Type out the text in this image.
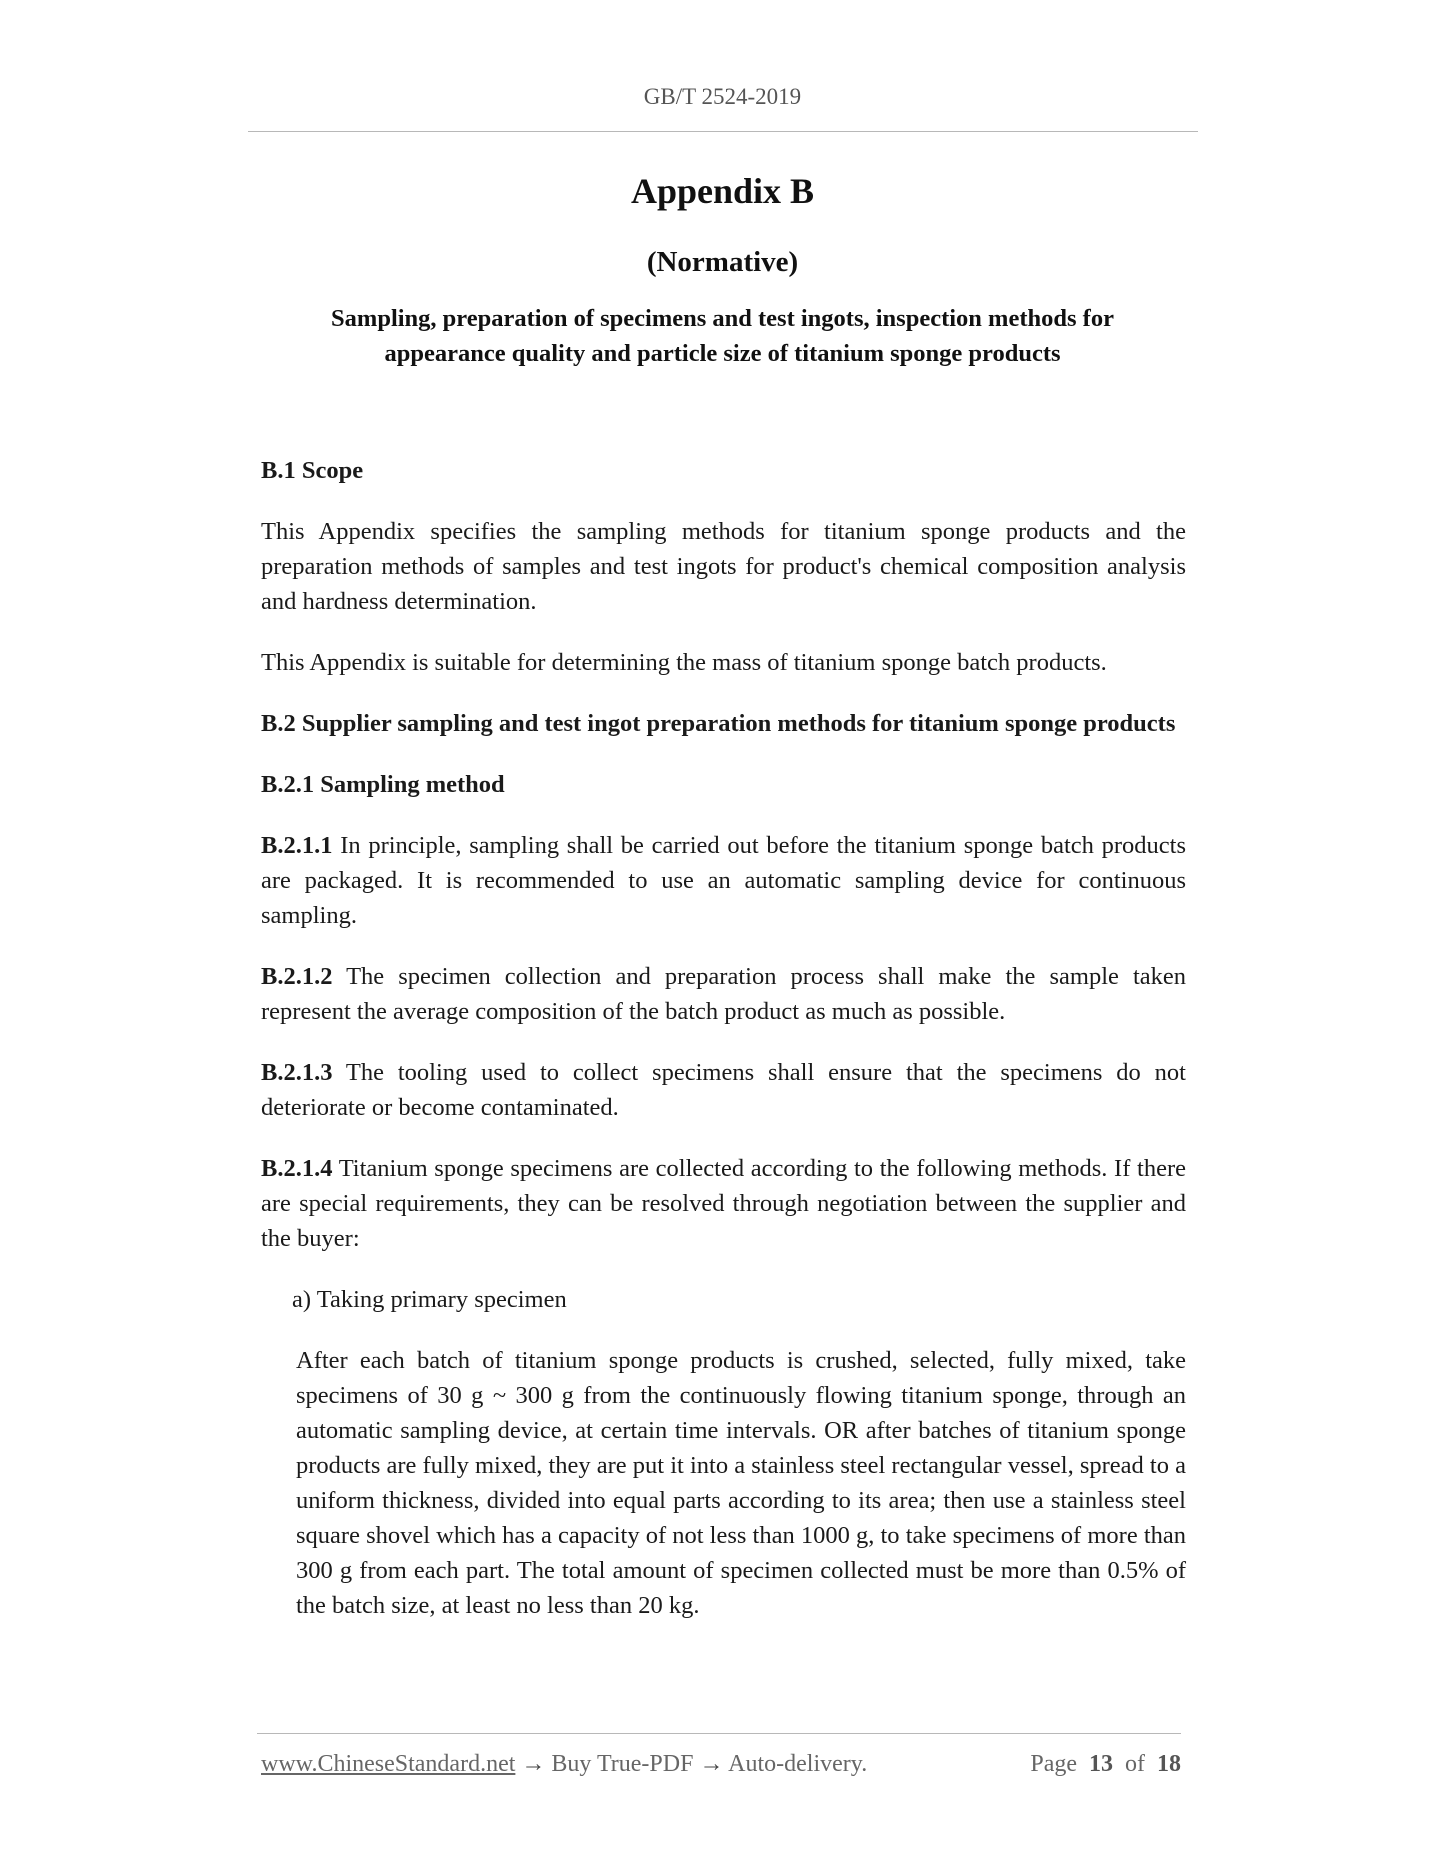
GB/T 2524-2019
Appendix B
(Normative)
Sampling, preparation of specimens and test ingots, inspection methods for
appearance quality and particle size of titanium sponge products

B.1 Scope

This Appendix specifies the sampling methods for titanium sponge products and the preparation methods of samples and test ingots for product's chemical composition analysis and hardness determination.

This Appendix is suitable for determining the mass of titanium sponge batch products.

B.2 Supplier sampling and test ingot preparation methods for titanium sponge products

B.2.1 Sampling method

B.2.1.1 In principle, sampling shall be carried out before the titanium sponge batch products are packaged. It is recommended to use an automatic sampling device for continuous sampling.

B.2.1.2 The specimen collection and preparation process shall make the sample taken represent the average composition of the batch product as much as possible.

B.2.1.3 The tooling used to collect specimens shall ensure that the specimens do not deteriorate or become contaminated.

B.2.1.4 Titanium sponge specimens are collected according to the following methods. If there are special requirements, they can be resolved through negotiation between the supplier and the buyer:

a) Taking primary specimen

After each batch of titanium sponge products is crushed, selected, fully mixed, take specimens of 30 g ~ 300 g from the continuously flowing titanium sponge, through an automatic sampling device, at certain time intervals. OR after batches of titanium sponge products are fully mixed, they are put it into a stainless steel rectangular vessel, spread to a uniform thickness, divided into equal parts according to its area; then use a stainless steel square shovel which has a capacity of not less than 1000 g, to take specimens of more than 300 g from each part. The total amount of specimen collected must be more than 0.5% of the batch size, at least no less than 20 kg.

www.ChineseStandard.net → Buy True-PDF → Auto-delivery.	Page 13 of 18
